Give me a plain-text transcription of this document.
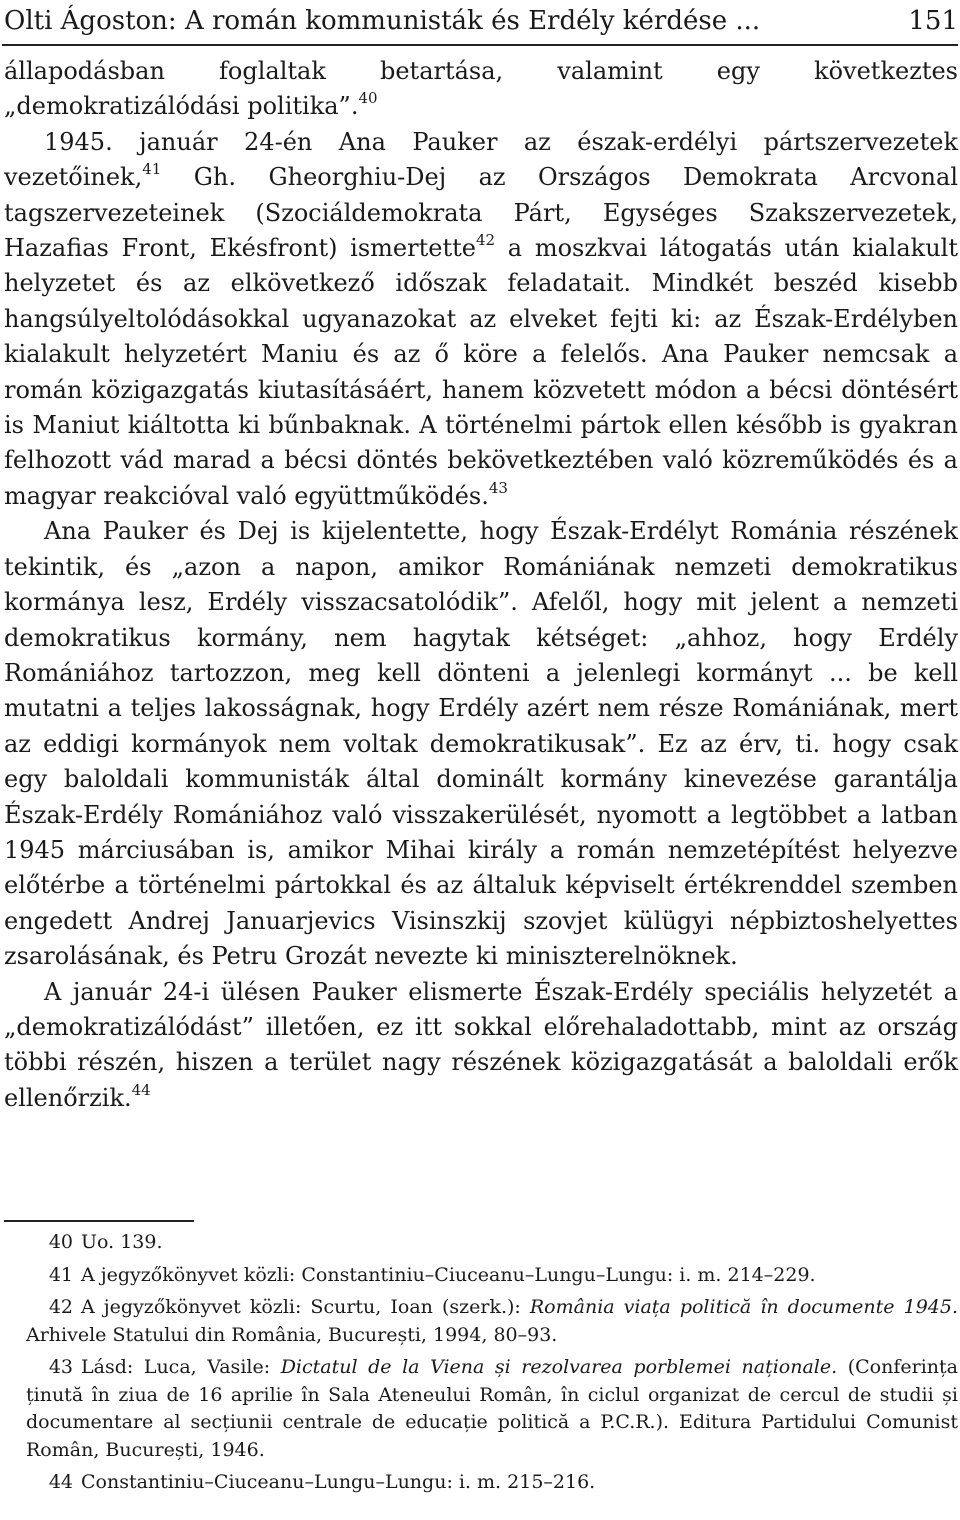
Olti Ágoston: A román kommunisták és Erdély kérdése ...	151

állapodásban foglaltak betartása, valamint egy következtes „demokratizálódási politika”.$^{40}$

1945. január 24-én Ana Pauker az észak-erdélyi pártszervezetek vezetőinek,$^{41}$ Gh. Gheorghiu-Dej az Országos Demokrata Arcvonal tagszervezeteinek (Szociáldemokrata Párt, Egységes Szakszervezetek, Hazafias Front, Ekésfront) ismertette$^{42}$ a moszkvai látogatás után kialakult helyzetet és az elkövetkező időszak feladatait. Mindkét beszéd kisebb hangsúlyeltolódásokkal ugyanazokat az elveket fejti ki: az Észak-Erdélyben kialakult helyzetért Maniu és az ő köre a felelős. Ana Pauker nemcsak a román közigazgatás kiutasításáért, hanem közvetett módon a bécsi döntésért is Maniut kiáltotta ki bűnbaknak. A történelmi pártok ellen később is gyakran felhozott vád marad a bécsi döntés bekövetkeztében való közreműködés és a magyar reakcióval való együttműködés.$^{43}$

Ana Pauker és Dej is kijelentette, hogy Észak-Erdélyt Románia részének tekintik, és „azon a napon, amikor Romániának nemzeti demokratikus kormánya lesz, Erdély visszacsatolódik”. Afelől, hogy mit jelent a nemzeti demokratikus kormány, nem hagytak kétséget: „ahhoz, hogy Erdély Romániához tartozzon, meg kell dönteni a jelenlegi kormányt ... be kell mutatni a teljes lakosságnak, hogy Erdély azért nem része Romániának, mert az eddigi kormányok nem voltak demokratikusak”. Ez az érv, ti. hogy csak egy baloldali kommunisták által dominált kormány kinevezése garantálja Észak-Erdély Romániához való visszakerülését, nyomott a legtöbbet a latban 1945 márciusában is, amikor Mihai király a román nemzetépítést helyezve előtérbe a történelmi pártokkal és az általuk képviselt értékrenddel szemben engedett Andrej Januarjevics Visinszkij szovjet külügyi népbiztoshelyettes zsarolásának, és Petru Grozát nevezte ki miniszterelnöknek.

A január 24-i ülésen Pauker elismerte Észak-Erdély speciális helyzetét a „demokratizálódást” illetően, ez itt sokkal előrehaladottabb, mint az ország többi részén, hiszen a terület nagy részének közigazgatását a baloldali erők ellenőrzik.$^{44}$

40 Uo. 139.

41 A jegyzőkönyvet közli: Constantiniu–Ciuceanu–Lungu–Lungu: i. m. 214–229.

42 A jegyzőkönyvet közli: Scurtu, Ioan (szerk.): România viața politică în documente 1945. Arhivele Statului din România, București, 1994, 80–93.

43 Lásd: Luca, Vasile: Dictatul de la Viena și rezolvarea porblemei naționale. (Conferința ținută în ziua de 16 aprilie în Sala Ateneului Român, în ciclul organizat de cercul de studii și documentare al secțiunii centrale de educație politică a P.C.R.). Editura Partidului Comunist Român, București, 1946.

44 Constantiniu–Ciuceanu–Lungu–Lungu: i. m. 215–216.
